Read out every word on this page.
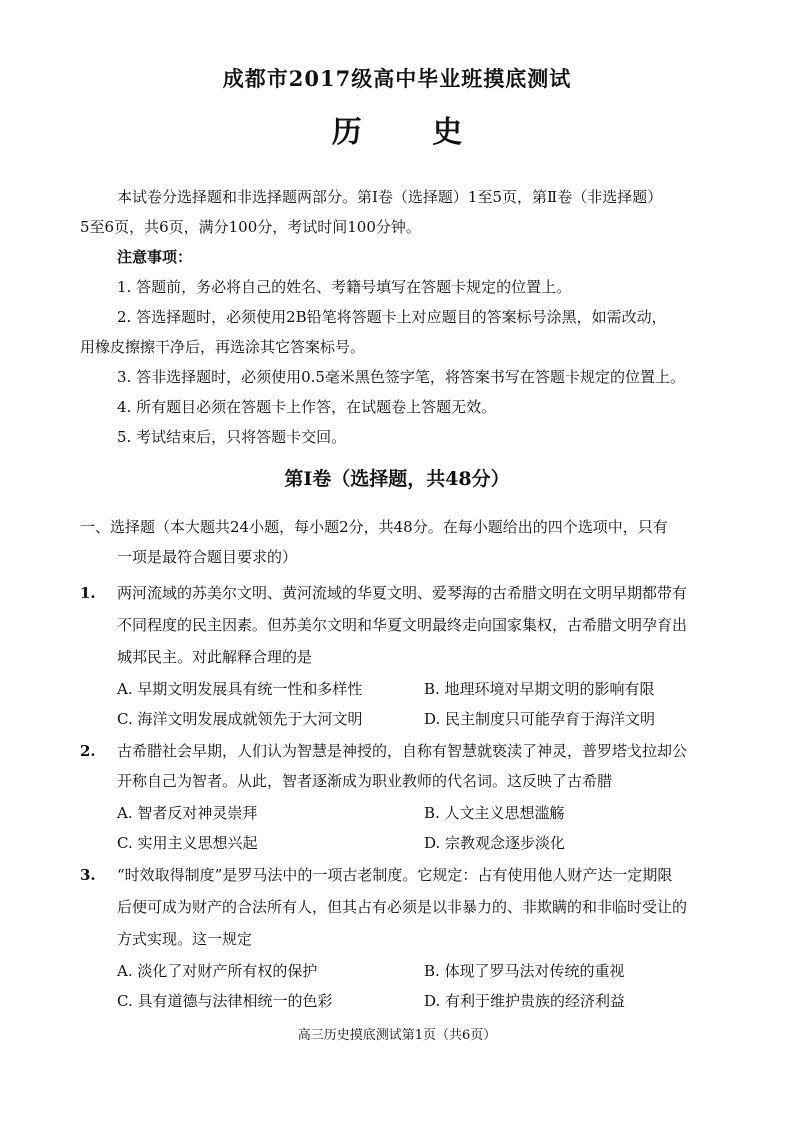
成都市2017级高中毕业班摸底测试
历 史
本试卷分选择题和非选择题两部分。第Ⅰ卷（选择题）1至5页，第Ⅱ卷（非选择题）
5至6页，共6页，满分100分，考试时间100分钟。
注意事项：
1. 答题前，务必将自己的姓名、考籍号填写在答题卡规定的位置上。
2. 答选择题时，必须使用2B铅笔将答题卡上对应题目的答案标号涂黑，如需改动，
用橡皮擦擦干净后，再选涂其它答案标号。
3. 答非选择题时，必须使用0.5毫米黑色签字笔，将答案书写在答题卡规定的位置上。
4. 所有题目必须在答题卡上作答，在试题卷上答题无效。
5. 考试结束后，只将答题卡交回。
第Ⅰ卷（选择题，共48分）
一、选择题（本大题共24小题，每小题2分，共48分。在每小题给出的四个选项中，只有
一项是最符合题目要求的）
1. 两河流域的苏美尔文明、黄河流域的华夏文明、爱琴海的古希腊文明在文明早期都带有
不同程度的民主因素。但苏美尔文明和华夏文明最终走向国家集权，古希腊文明孕育出
城邦民主。对此解释合理的是
A. 早期文明发展具有统一性和多样性	B. 地理环境对早期文明的影响有限
C. 海洋文明发展成就领先于大河文明	D. 民主制度只可能孕育于海洋文明
2. 古希腊社会早期，人们认为智慧是神授的，自称有智慧就亵渎了神灵，普罗塔戈拉却公
开称自己为智者。从此，智者逐渐成为职业教师的代名词。这反映了古希腊
A. 智者反对神灵崇拜	B. 人文主义思想滥觞
C. 实用主义思想兴起	D. 宗教观念逐步淡化
3. “时效取得制度”是罗马法中的一项古老制度。它规定：占有使用他人财产达一定期限
后便可成为财产的合法所有人，但其占有必须是以非暴力的、非欺瞒的和非临时受让的
方式实现。这一规定
A. 淡化了对财产所有权的保护	B. 体现了罗马法对传统的重视
C. 具有道德与法律相统一的色彩	D. 有利于维护贵族的经济利益
高三历史摸底测试第1页（共6页）
